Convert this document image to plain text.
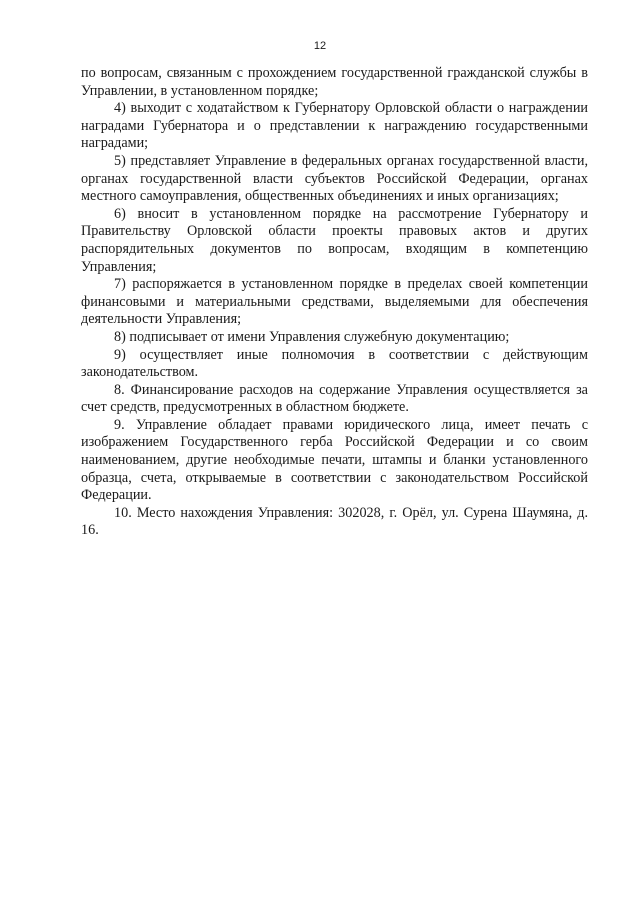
12

по вопросам, связанным с прохождением государственной гражданской службы в Управлении, в установленном порядке;

4) выходит с ходатайством к Губернатору Орловской области о награждении наградами Губернатора и о представлении к награждению государственными наградами;

5) представляет Управление в федеральных органах государственной власти, органах государственной власти субъектов Российской Федерации, органах местного самоуправления, общественных объединениях и иных организациях;

6) вносит в установленном порядке на рассмотрение Губернатору и Правительству Орловской области проекты правовых актов и других распорядительных документов по вопросам, входящим в компетенцию Управления;

7) распоряжается в установленном порядке в пределах своей компетенции финансовыми и материальными средствами, выделяемыми для обеспечения деятельности Управления;

8) подписывает от имени Управления служебную документацию;

9) осуществляет иные полномочия в соответствии с действующим законодательством.

8. Финансирование расходов на содержание Управления осуществляется за счет средств, предусмотренных в областном бюджете.

9. Управление обладает правами юридического лица, имеет печать с изображением Государственного герба Российской Федерации и со своим наименованием, другие необходимые печати, штампы и бланки установленного образца, счета, открываемые в соответствии с законодательством Российской Федерации.

10. Место нахождения Управления: 302028, г. Орёл, ул. Сурена Шаумяна, д. 16.
